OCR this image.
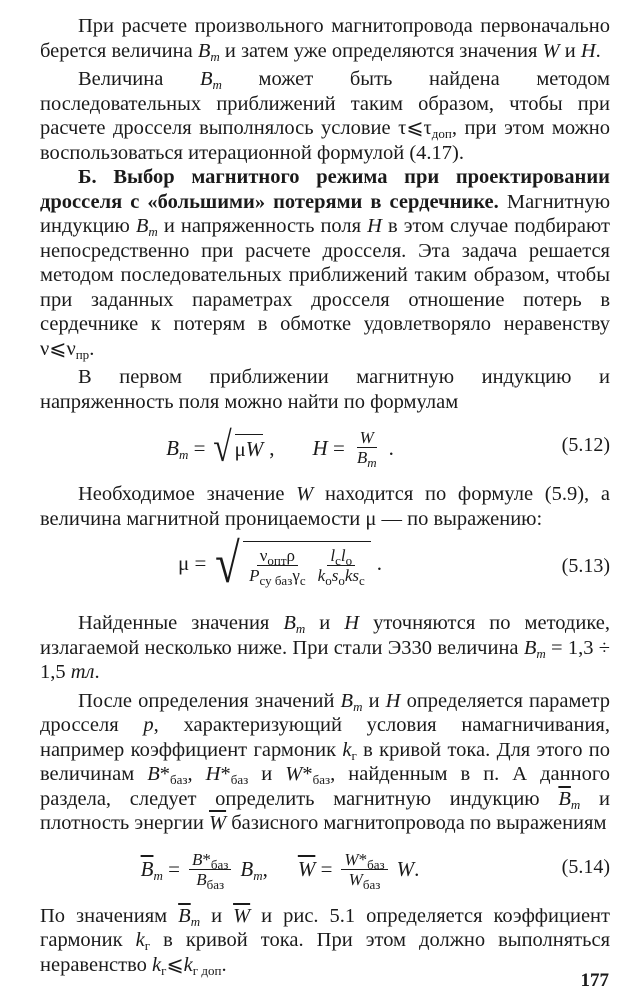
При расчете произвольного магнитопровода первоначально берется величина $B_m$ и затем уже определяются значения W и H.

Величина $B_m$ может быть найдена методом последовательных приближений таким образом, чтобы при расчете дросселя выполнялось условие $\tau⩽\tau_{доп}$, при этом можно воспользоваться итерационной формулой (4.17).

Б. Выбор магнитного режима при проектировании дросселя с «большими» потерями в сердечнике. Магнитную индукцию $B_m$ и напряженность поля H в этом случае подбирают непосредственно при расчете дросселя. Эта задача решается методом последовательных приближений таким образом, чтобы при заданных параметрах дросселя отношение потерь в сердечнике к потерям в обмотке удовлетворяло неравенству $\nu⩽\nu_{пр}$.

В первом приближении магнитную индукцию и напряженность поля можно найти по формулам

$B_m$ = √ μ W , $H = \frac{W}{B_m}$ .	(5.12)

Необходимое значение W находится по формуле (5.9), а величина магнитной проницаемости μ — по выражению:

μ = √ $\frac{\nu_{опт}\rho}{P_{су баз}\gamma_с} \frac{l_cl_o}{k_os_oks_c}$ .	(5.13)

Найденные значения $B_m$ и H уточняются по методике, излагаемой несколько ниже. При стали Э330 величина $B_m = 1,3 \div 1,5$ тл.

После определения значений $B_m$ и H определяется параметр дросселя p, характеризующий условия намагничивания, например коэффициент гармоник $k_г$ в кривой тока. Для этого по величинам $B*_{баз}$, $H*_{баз}$ и $W*_{баз}$, найденным в п. А данного раздела, следует определить магнитную индукцию $\overline{B}_m$ и плотность энергии $\overline{W}$ базисного магнитопровода по выражениям

$\overline{B}_m = \frac{B*_{баз}}{B_{баз}} B_m$, $\overline{W} = \frac{W*_{баз}}{W_{баз}} W$.	(5.14)

По значениям $\overline{B}_m$ и $\overline{W}$ и рис. 5.1 определяется коэффициент гармоник $k_г$ в кривой тока. При этом должно выполняться неравенство $k_г⩽k_{г доп}$.

177
